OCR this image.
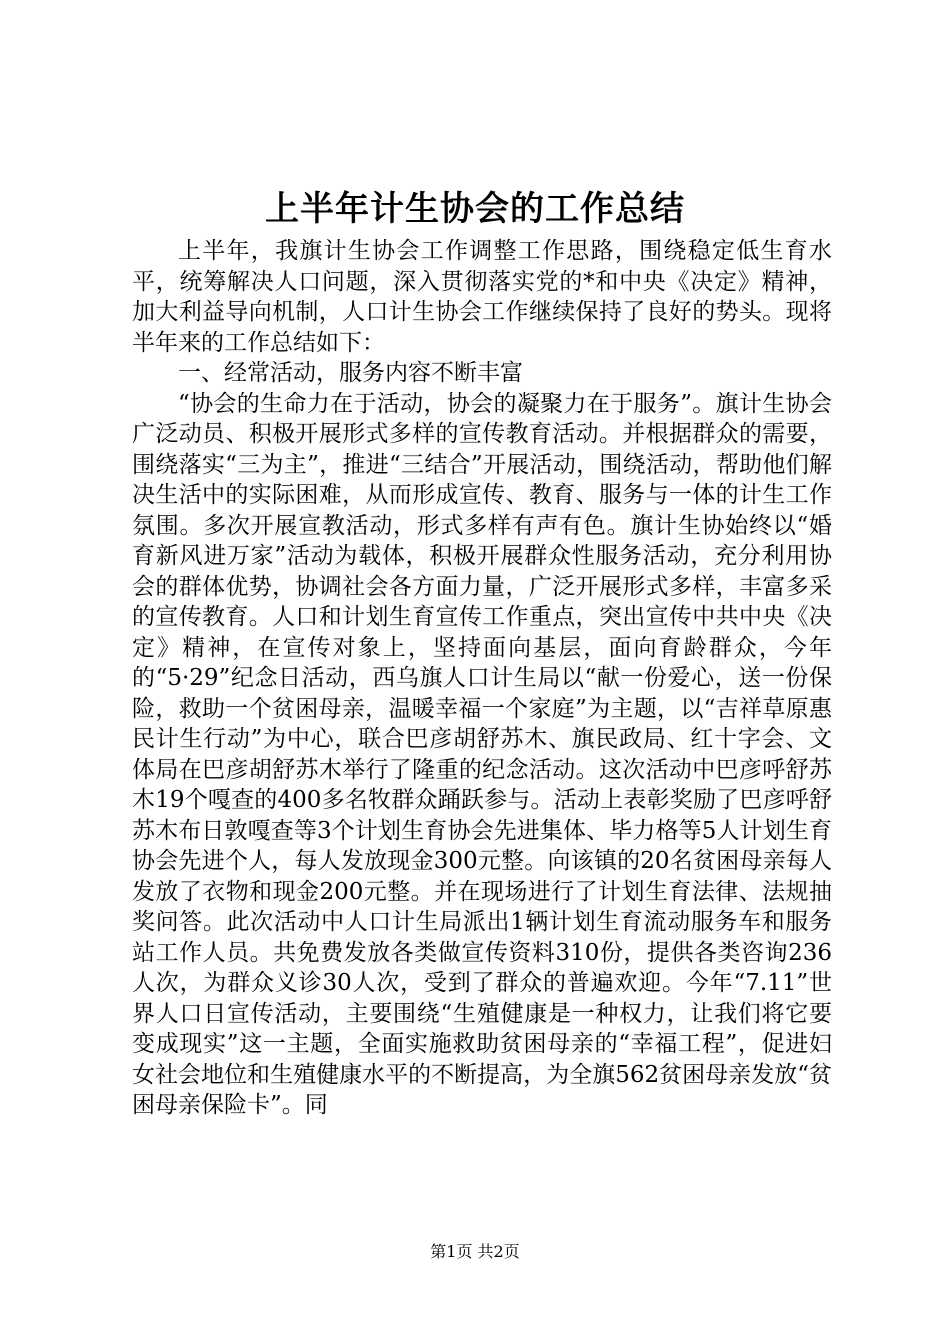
上半年计生协会的工作总结

上半年，我旗计生协会工作调整工作思路，围绕稳定低生育水平，统筹解决人口问题，深入贯彻落实党的*和中央《决定》精神，加大利益导向机制，人口计生协会工作继续保持了良好的势头。现将半年来的工作总结如下：

一、经常活动，服务内容不断丰富

“协会的生命力在于活动，协会的凝聚力在于服务”。旗计生协会广泛动员、积极开展形式多样的宣传教育活动。并根据群众的需要，围绕落实“三为主”，推进“三结合”开展活动，围绕活动，帮助他们解决生活中的实际困难，从而形成宣传、教育、服务与一体的计生工作氛围。多次开展宣教活动，形式多样有声有色。旗计生协始终以“婚育新风进万家”活动为载体，积极开展群众性服务活动，充分利用协会的群体优势，协调社会各方面力量，广泛开展形式多样，丰富多采的宣传教育。人口和计划生育宣传工作重点，突出宣传中共中央《决定》精神，在宣传对象上，坚持面向基层，面向育龄群众，今年的“5·29”纪念日活动，西乌旗人口计生局以“献一份爱心，送一份保险，救助一个贫困母亲，温暖幸福一个家庭”为主题，以“吉祥草原惠民计生行动”为中心，联合巴彦胡舒苏木、旗民政局、红十字会、文体局在巴彦胡舒苏木举行了隆重的纪念活动。这次活动中巴彦呼舒苏木19个嘎查的400多名牧群众踊跃参与。活动上表彰奖励了巴彦呼舒苏木布日敦嘎查等3个计划生育协会先进集体、毕力格等5人计划生育协会先进个人，每人发放现金300元整。向该镇的20名贫困母亲每人发放了衣物和现金200元整。并在现场进行了计划生育法律、法规抽奖问答。此次活动中人口计生局派出1辆计划生育流动服务车和服务站工作人员。共免费发放各类做宣传资料310份，提供各类咨询236人次，为群众义诊30人次，受到了群众的普遍欢迎。今年“7.11”世界人口日宣传活动，主要围绕“生殖健康是一种权力，让我们将它要变成现实”这一主题，全面实施救助贫困母亲的“幸福工程”，促进妇女社会地位和生殖健康水平的不断提高，为全旗562贫困母亲发放“贫困母亲保险卡”。同

第1页 共2页
